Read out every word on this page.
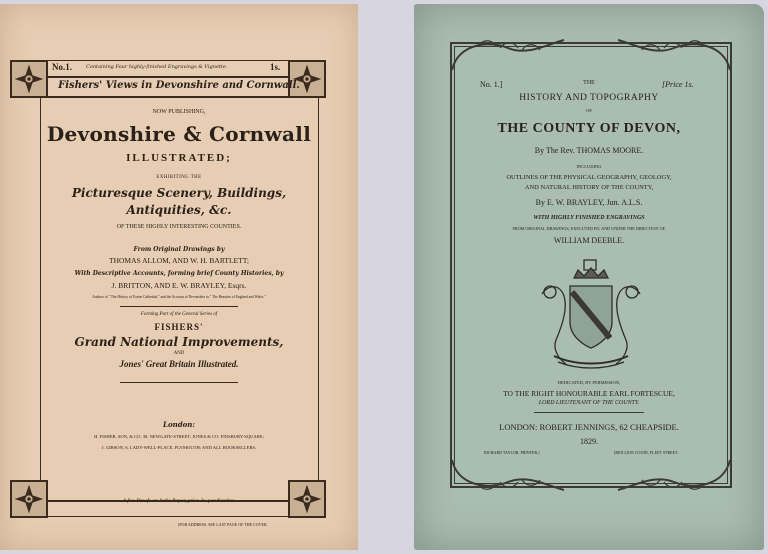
No.1.	Containing Four highly-finished Engravings & Vignette.	1s.
Fishers' Views in Devonshire and Cornwall.
NOW PUBLISHING,
Devonshire & Cornwall
ILLUSTRATED;
EXHIBITING THE
Picturesque Scenery, Buildings,
Antiquities, &c.
OF THESE HIGHLY INTERESTING COUNTIES.
From Original Drawings by
THOMAS ALLOM, AND W. H. BARTLETT;
With Descriptive Accounts, forming brief County Histories, by
J. BRITTON, AND E. W. BRAYLEY, Esqrs.
Authors of " The History of Exeter Cathedral," and the Account of Devonshire in " The Beauties of England and Wales."
Forming Part of the General Series of
FISHERS'
Grand National Improvements,
AND
Jones' Great Britain Illustrated.
London:
H. FISHER, SON, & CO. 38, NEWGATE-STREET; JONES & CO. FINSBURY-SQUARE;
J. GIBSON, 6, LADY-WELL-PLACE, PLYMOUTH; AND ALL BOOKSELLERS.
A few Proofs on India Paper, price 2s. per Number.
[FOR ADDRESS, SEE LAST PAGE OF THE COVER.
No. 1.]	THE	[Price 1s.
HISTORY AND TOPOGRAPHY
OF
THE COUNTY OF DEVON,
By The Rev. THOMAS MOORE.
INCLUDING
OUTLINES OF THE PHYSICAL GEOGRAPHY, GEOLOGY,
AND NATURAL HISTORY OF THE COUNTY,
By E. W. BRAYLEY, Jun. A.L.S.
WITH HIGHLY FINISHED ENGRAVINGS
FROM ORIGINAL DRAWINGS, EXECUTED BY, AND UNDER THE DIRECTION OF,
WILLIAM DEEBLE.
DEDICATED, BY PERMISSION,
TO THE RIGHT HONOURABLE EARL FORTESCUE,
LORD LIEUTENANT OF THE COUNTY.
LONDON: ROBERT JENNINGS, 62 CHEAPSIDE.
1829.
RICHARD TAYLOR, PRINTER.]	[RED LION COURT, FLEET STREET.
